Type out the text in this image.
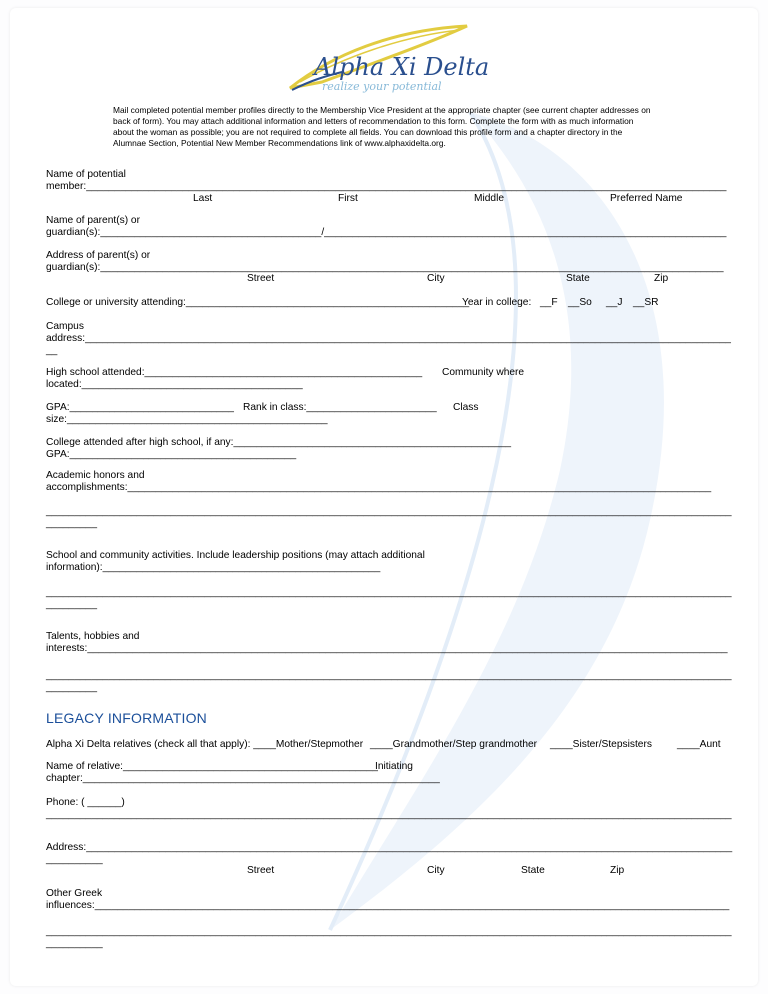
Alpha Xi Delta
realize your potential
Mail completed potential member profiles directly to the Membership Vice President at the appropriate chapter (see current chapter addresses on
back of form). You may attach additional information and letters of recommendation to this form. Complete the form with as much information
about the woman as possible; you are not required to complete all fields. You can download this profile form and a chapter directory in the
Alumnae Section, Potential New Member Recommendations link of www.alphaxidelta.org.
Name of potential
member:_________________________________________________________________________________________________________________
Last	First	Middle	Preferred Name
Name of parent(s) or
guardian(s):_______________________________________/_______________________________________________________________________
Address of parent(s) or
guardian(s):______________________________________________________________________________________________________________
Street	City	State	Zip
College or university attending:__________________________________________________
Year in college: __F __So __J __SR
Campus
address:__________________________________________________________________________________________________________________
__
High school attended:_________________________________________________ Community where
located:_______________________________________
GPA:_____________________________ Rank in class:_______________________ Class
size:______________________________________________
College attended after high school, if any:_________________________________________________
GPA:________________________________________
Academic honors and
accomplishments:_______________________________________________________________________________________________________
_________________________________________________________________________________________________________________________
_________
School and community activities. Include leadership positions (may attach additional
information):_________________________________________________
_________________________________________________________________________________________________________________________
_________
Talents, hobbies and
interests:_________________________________________________________________________________________________________________
_________________________________________________________________________________________________________________________
_________
LEGACY INFORMATION
Alpha Xi Delta relatives (check all that apply): ____Mother/Stepmother ____Grandmother/Step grandmother ____Sister/Stepsisters ____Aunt
Name of relative:_____________________________________________
Initiating
chapter:_______________________________________________________________
Phone: ( ______)
_________________________________________________________________________________________________________________________
Address:__________________________________________________________________________________________________________________
__________
Street	City	State	Zip
Other Greek
influences:________________________________________________________________________________________________________________
_________________________________________________________________________________________________________________________
__________
